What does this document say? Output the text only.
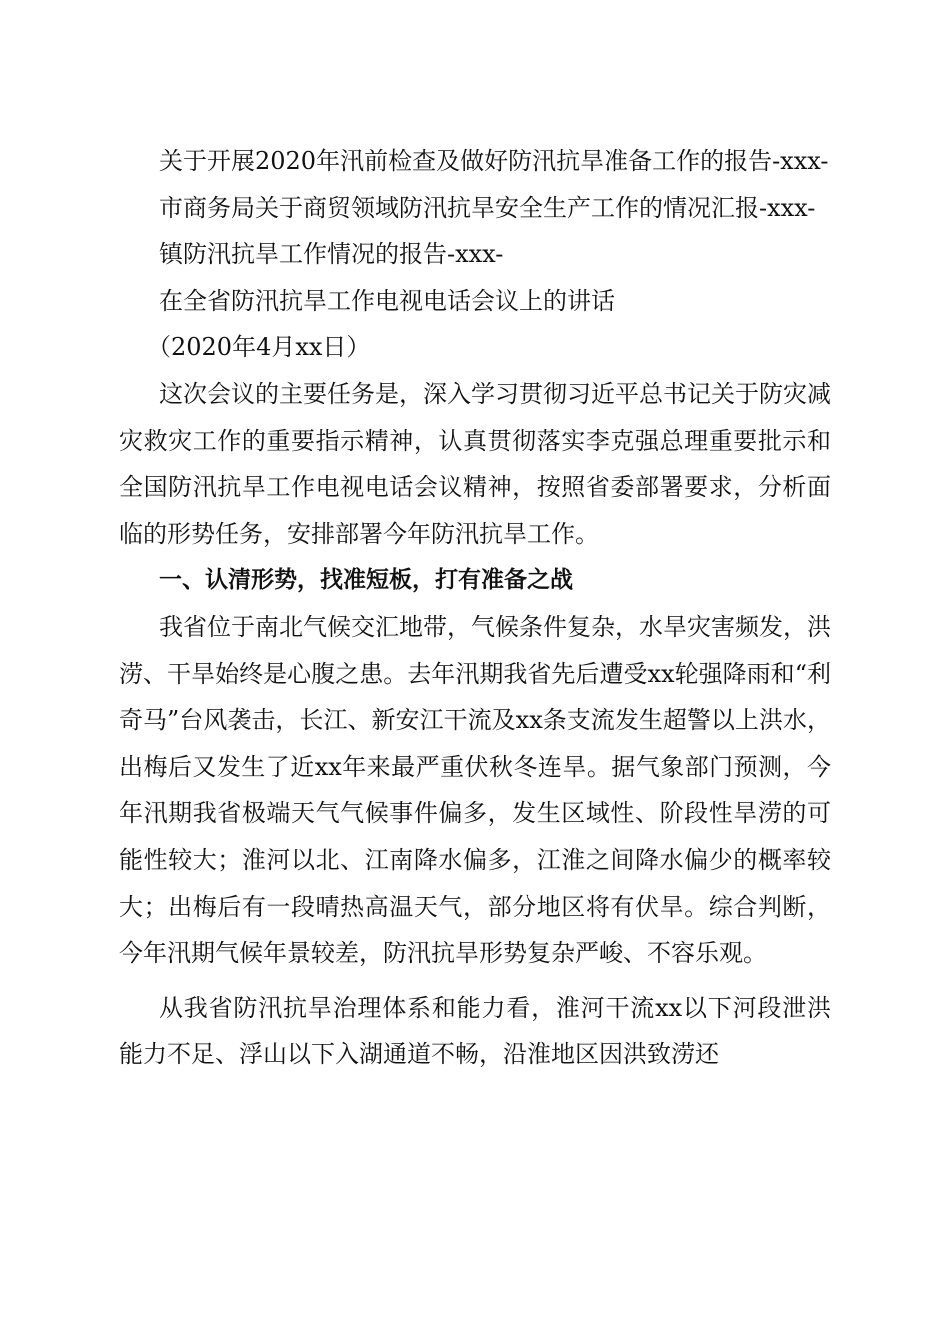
关于开展2020年汛前检查及做好防汛抗旱准备工作的报告-xxx-

市商务局关于商贸领域防汛抗旱安全生产工作的情况汇报-xxx-

镇防汛抗旱工作情况的报告-xxx-

在全省防汛抗旱工作电视电话会议上的讲话

（2020年4月xx日）

这次会议的主要任务是，深入学习贯彻习近平总书记关于防灾减灾救灾工作的重要指示精神，认真贯彻落实李克强总理重要批示和全国防汛抗旱工作电视电话会议精神，按照省委部署要求，分析面临的形势任务，安排部署今年防汛抗旱工作。

一、认清形势，找准短板，打有准备之战

我省位于南北气候交汇地带，气候条件复杂，水旱灾害频发，洪涝、干旱始终是心腹之患。去年汛期我省先后遭受xx轮强降雨和“利奇马”台风袭击，长江、新安江干流及xx条支流发生超警以上洪水，出梅后又发生了近xx年来最严重伏秋冬连旱。据气象部门预测，今年汛期我省极端天气气候事件偏多，发生区域性、阶段性旱涝的可能性较大；淮河以北、江南降水偏多，江淮之间降水偏少的概率较大；出梅后有一段晴热高温天气，部分地区将有伏旱。综合判断，今年汛期气候年景较差，防汛抗旱形势复杂严峻、不容乐观。

从我省防汛抗旱治理体系和能力看，淮河干流xx以下河段泄洪能力不足、浮山以下入湖通道不畅，沿淮地区因洪致涝还
